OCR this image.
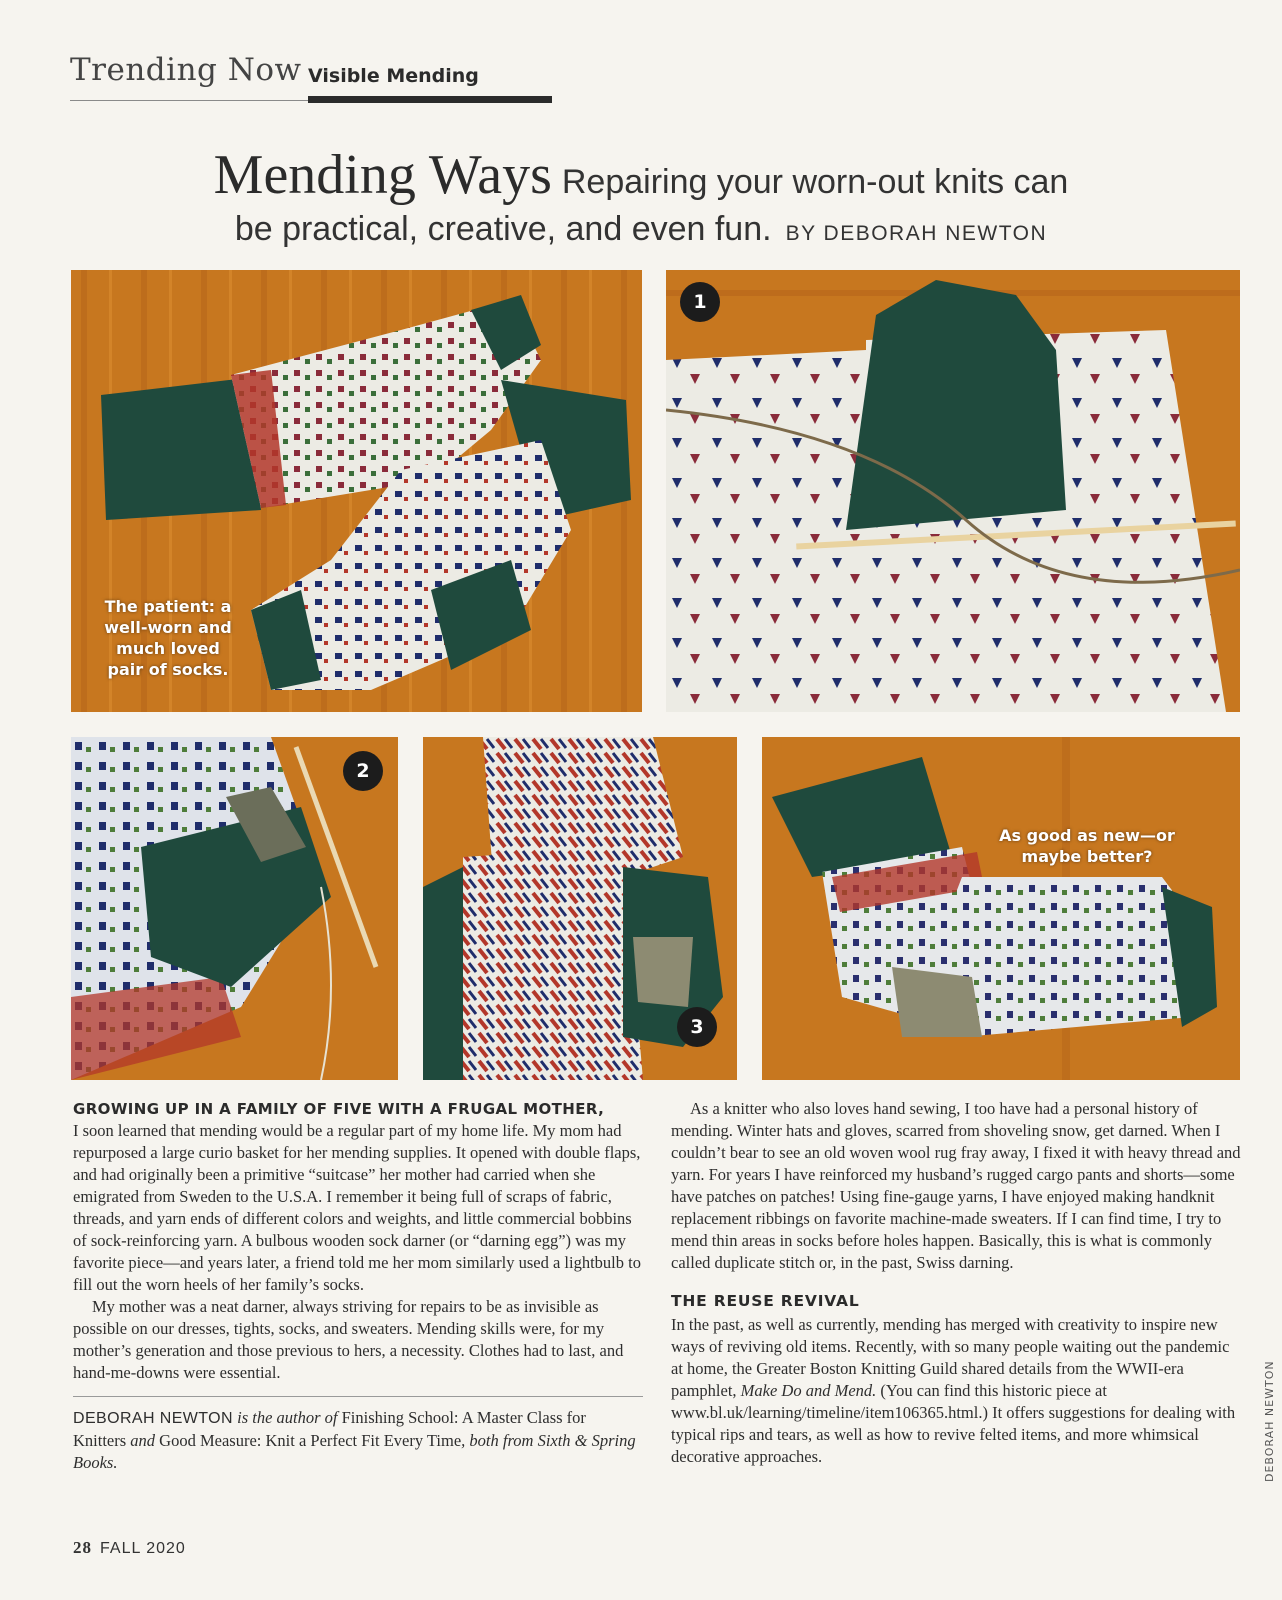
Trending Now Visible Mending
Mending Ways Repairing your worn-out knits can
be practical, creative, and even fun. BY DEBORAH NEWTON
The patient: a
well-worn and
much loved
pair of socks.
1
2
3
As good as new—or
maybe better?
GROWING UP IN A FAMILY OF FIVE WITH A FRUGAL MOTHER,

I soon learned that mending would be a regular part of my home life. My mom had repurposed a large curio basket for her mending supplies. It opened with double flaps, and had originally been a primitive “suitcase” her mother had carried when she emigrated from Sweden to the U.S.A. I remember it being full of scraps of fabric, threads, and yarn ends of different colors and weights, and little commercial bobbins of sock-reinforcing yarn. A bulbous wooden sock darner (or “darning egg”) was my favorite piece—and years later, a friend told me her mom similarly used a lightbulb to fill out the worn heels of her family’s socks.

My mother was a neat darner, always striving for repairs to be as invisible as possible on our dresses, tights, socks, and sweaters. Mending skills were, for my mother’s generation and those previous to hers, a necessity. Clothes had to last, and hand-me-downs were essential.

DEBORAH NEWTON is the author of Finishing School: A Master Class for Knitters and Good Measure: Knit a Perfect Fit Every Time, both from Sixth & Spring Books.

As a knitter who also loves hand sewing, I too have had a personal history of mending. Winter hats and gloves, scarred from shoveling snow, get darned. When I couldn’t bear to see an old woven wool rug fray away, I fixed it with heavy thread and yarn. For years I have reinforced my husband’s rugged cargo pants and shorts—some have patches on patches! Using fine-gauge yarns, I have enjoyed making handknit replacement ribbings on favorite machine-made sweaters. If I can find time, I try to mend thin areas in socks before holes happen. Basically, this is what is commonly called duplicate stitch or, in the past, Swiss darning.

THE REUSE REVIVAL

In the past, as well as currently, mending has merged with creativity to inspire new ways of reviving old items. Recently, with so many people waiting out the pandemic at home, the Greater Boston Knitting Guild shared details from the WWII-era pamphlet, Make Do and Mend. (You can find this historic piece at www.bl.uk/learning/timeline/item106365.html.) It offers suggestions for dealing with typical rips and tears, as well as how to revive felted items, and more whimsical decorative approaches.

28 FALL 2020
DEBORAH NEWTON
